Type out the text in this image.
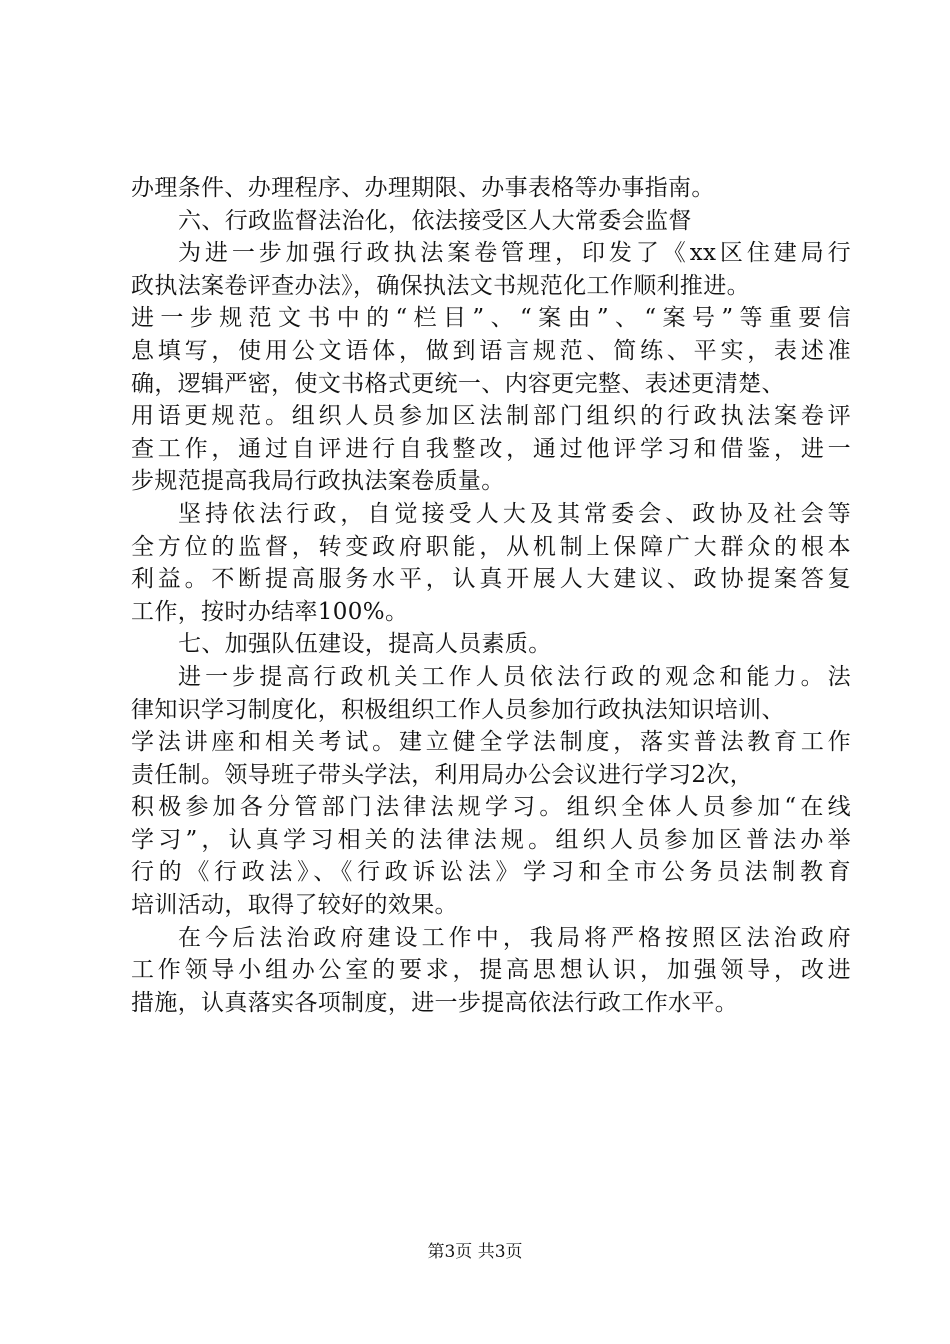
办理条件、办理程序、办理期限、办事表格等办事指南。
六、行政监督法治化，依法接受区人大常委会监督
为进一步加强行政执法案卷管理，印发了《xx区住建局行
政执法案卷评查办法》，确保执法文书规范化工作顺利推进。
进一步规范文书中的“栏目”、“案由”、“案号”等重要信
息填写，使用公文语体，做到语言规范、简练、平实，表述准
确，逻辑严密，使文书格式更统一、内容更完整、表述更清楚、
用语更规范。组织人员参加区法制部门组织的行政执法案卷评
查工作，通过自评进行自我整改，通过他评学习和借鉴，进一
步规范提高我局行政执法案卷质量。
坚持依法行政，自觉接受人大及其常委会、政协及社会等
全方位的监督，转变政府职能，从机制上保障广大群众的根本
利益。不断提高服务水平，认真开展人大建议、政协提案答复
工作，按时办结率100%。
七、加强队伍建设，提高人员素质。
进一步提高行政机关工作人员依法行政的观念和能力。法
律知识学习制度化，积极组织工作人员参加行政执法知识培训、
学法讲座和相关考试。建立健全学法制度，落实普法教育工作
责任制。领导班子带头学法，利用局办公会议进行学习2次，
积极参加各分管部门法律法规学习。组织全体人员参加“在线
学习”，认真学习相关的法律法规。组织人员参加区普法办举
行的《行政法》、《行政诉讼法》学习和全市公务员法制教育
培训活动，取得了较好的效果。
在今后法治政府建设工作中，我局将严格按照区法治政府
工作领导小组办公室的要求，提高思想认识，加强领导，改进
措施，认真落实各项制度，进一步提高依法行政工作水平。
第3页 共3页
